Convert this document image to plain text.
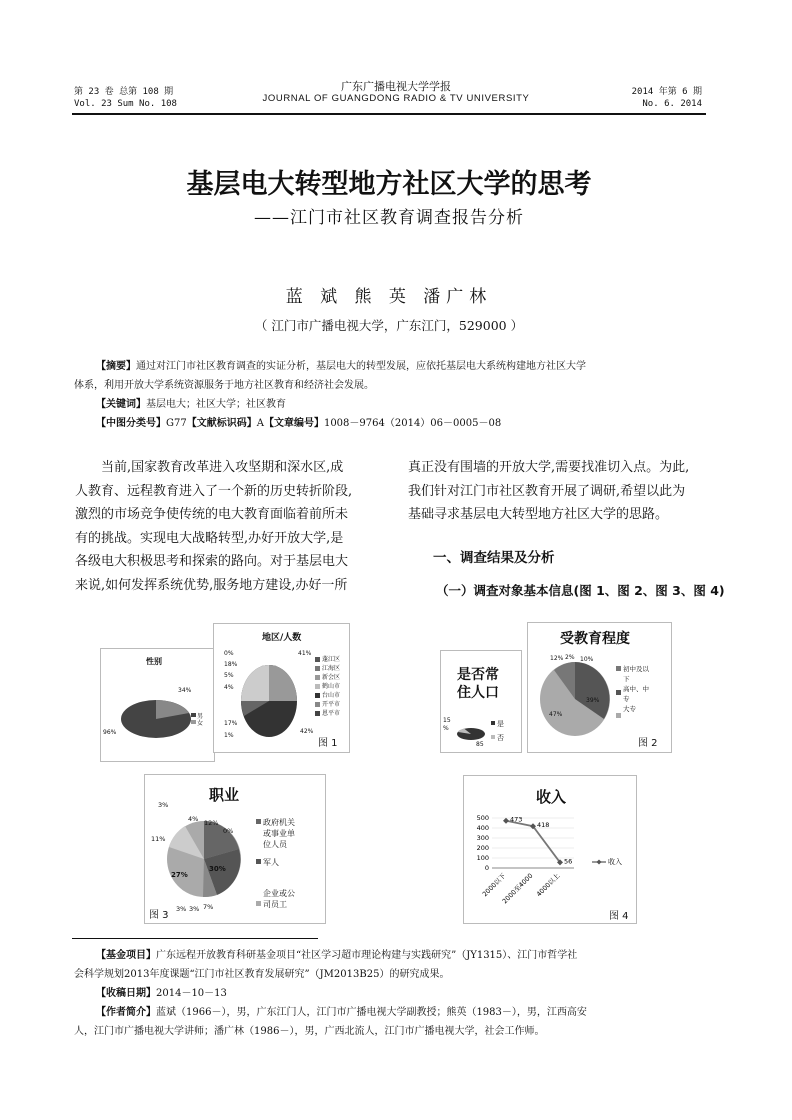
第 23 卷 总第 108 期
Vol. 23 Sum No. 108
广东广播电视大学学报
JOURNAL OF GUANGDONG RADIO & TV UNIVERSITY
2014 年第 6 期
No. 6. 2014
基层电大转型地方社区大学的思考
——江门市社区教育调查报告分析
蓝 斌 熊 英 潘广林
（ 江门市广播电视大学，广东江门，529000 ）
【摘要】通过对江门市社区教育调查的实证分析，基层电大的转型发展，应依托基层电大系统构建地方社区大学
体系，利用开放大学系统资源服务于地方社区教育和经济社会发展。
【关键词】基层电大；社区大学；社区教育
【中图分类号】G77【文献标识码】A【文章编号】1008－9764（2014）06－0005－08
当前,国家教育改革进入攻坚期和深水区,成
人教育、远程教育进入了一个新的历史转折阶段,
激烈的市场竞争使传统的电大教育面临着前所未
有的挑战。实现电大战略转型,办好开放大学,是
各级电大积极思考和探索的路向。对于基层电大
来说,如何发挥系统优势,服务地方建设,办好一所
真正没有围墙的开放大学,需要找准切入点。为此,
我们针对江门市社区教育开展了调研,希望以此为
基础寻求基层电大转型地方社区大学的思路。
一、调查结果及分析
（一）调查对象基本信息(图 1、图 2、图 3、图 4)
性别
34%
96%
男
女
地区/人数
蓬江区
江海区
新会区
鹤山市
台山市
开平市
恩平市
0%
18%
5%
4%
17%
1%
41%
42%
图 1
是否常
住人口
15
%
85
是
否
受教育程度
12% 2% 10%
39%
47%
初中及以
下
高中、中
专
大专
图 2
职业
3%
4% 12%
0%
11%
27%
30%
3% 3% 7%
政府机关
或事业单
位人员
军人
企业或公
司员工
图 3
收入
0
100
200
300
400
500
2000以下
2000至4000 4000以上
473
418
56	收入
图 4
【基金项目】广东远程开放教育科研基金项目“社区学习超市理论构建与实践研究”（JY1315）、江门市哲学社
会科学规划2013年度课题“江门市社区教育发展研究”（JM2013B25）的研究成果。
【收稿日期】2014－10－13
【作者简介】蓝斌（1966－），男，广东江门人，江门市广播电视大学副教授；熊英（1983－），男，江西高安
人，江门市广播电视大学讲师；潘广林（1986－），男，广西北流人，江门市广播电视大学，社会工作师。
